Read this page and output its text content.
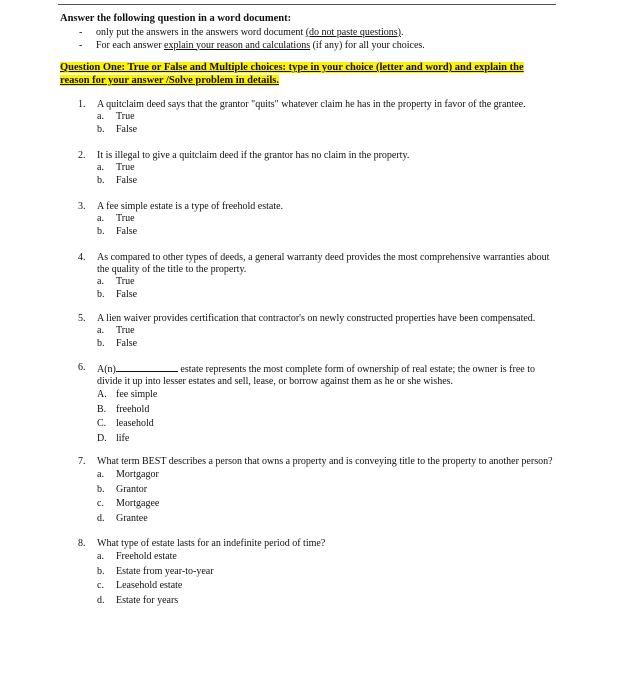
Answer the following question in a word document:

- only put the answers in the answers word document (do not paste questions).
- For each answer explain your reason and calculations (if any) for all your choices.
Question One: True or False and Multiple choices: type in your choice (letter and word) and explain the reason for your answer /Solve problem in details.
1. A quitclaim deed says that the grantor "quits" whatever claim he has in the property in favor of the grantee.
a. True
b. False
2. It is illegal to give a quitclaim deed if the grantor has no claim in the property.
a. True
b. False
3. A fee simple estate is a type of freehold estate.
a. True
b. False
4. As compared to other types of deeds, a general warranty deed provides the most comprehensive warranties about the quality of the title to the property.
a. True
b. False
5. A lien waiver provides certification that contractor's on newly constructed properties have been compensated.
a. True
b. False
6. A(n)	estate represents the most complete form of ownership of real estate; the owner is free to divide it up into lesser estates and sell, lease, or borrow against them as he or she wishes.
A. fee simple
B. freehold
C. leasehold
D. life
7. What term BEST describes a person that owns a property and is conveying title to the property to another person?
a. Mortgagor
b. Grantor
c. Mortgagee
d. Grantee
8. What type of estate lasts for an indefinite period of time?
a. Freehold estate
b. Estate from year-to-year
c. Leasehold estate
d. Estate for years
